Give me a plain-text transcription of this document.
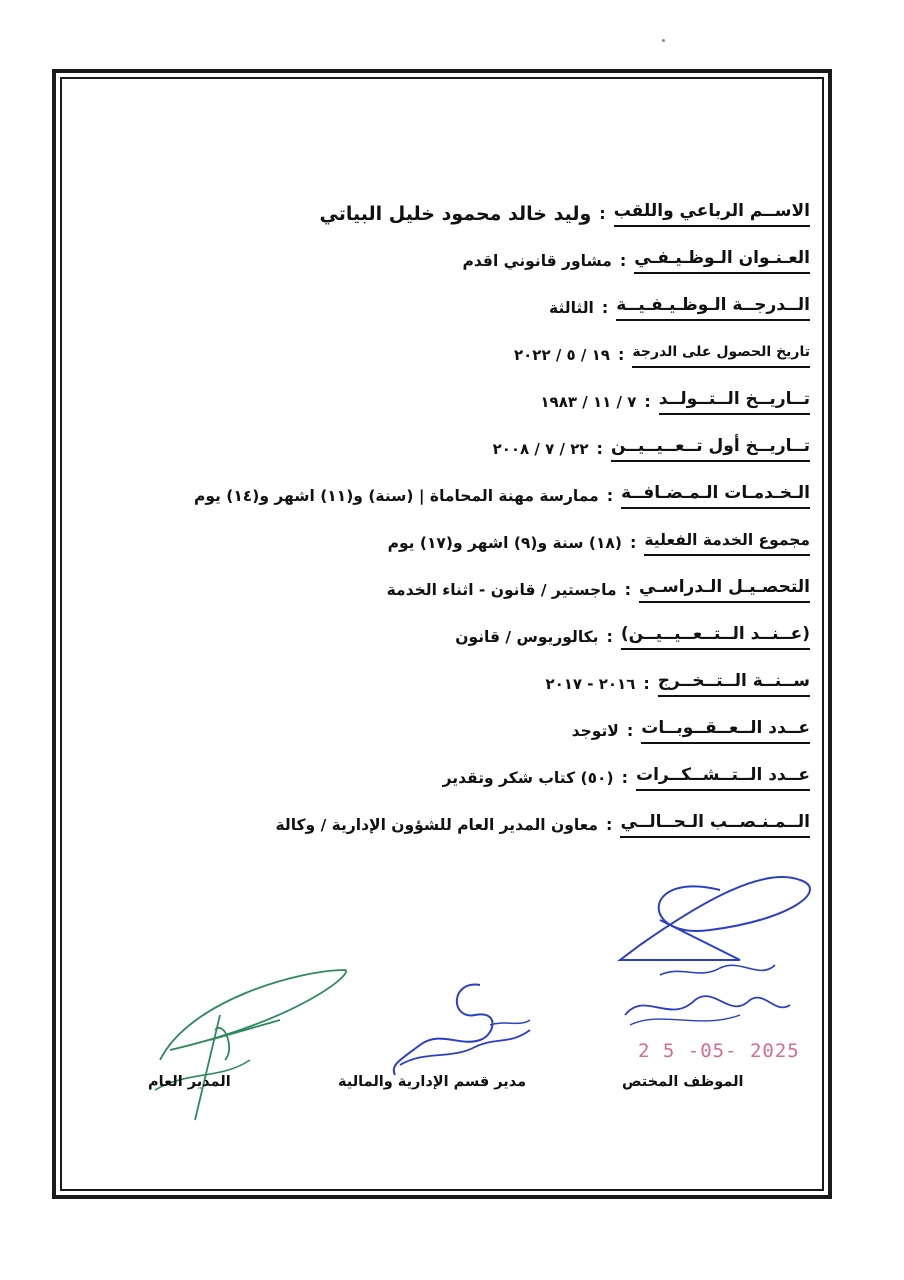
الاســم الرباعي واللقب
:
وليد خالد محمود خليل البياتي
العـنـوان الـوظـيـفـي
:
مشاور قانوني اقدم
الــدرجــة الـوظـيـفـيــة
:
الثالثة
تاريخ الحصول على الدرجة
:
١٩ / ٥ / ٢٠٢٢
تــاريــخ الــتــولــد
:
٧ / ١١ / ١٩٨٣
تــاريــخ أول تــعــيــيــن
:
٢٢ / ٧ / ٢٠٠٨
الـخـدمـات الـمـضـافــة
:
ممارسة مهنة المحاماة | (سنة) و(١١) اشهر و(١٤) يوم
مجموع الخدمة الفعلية
:
(١٨) سنة و(٩) اشهر و(١٧) يوم
التحصـيـل الـدراسـي
:
ماجستير / قانون - اثناء الخدمة
(عــنــد الــتــعــيــيــن)
:
بكالوريوس / قانون
ســنــة الــتــخــرج
:
٢٠١٦ - ٢٠١٧
عــدد الــعــقــوبــات
:
لاتوجد
عــدد الــتــشــكــرات
:
(٥٠) كتاب شكر وتقدير
الــمـنـصــب الـحــالــي
:
معاون المدير العام للشؤون الإدارية / وكالة
2 5 -05- 2025
الموظف المختص
مدير قسم الإدارية والمالية
المدير العام
